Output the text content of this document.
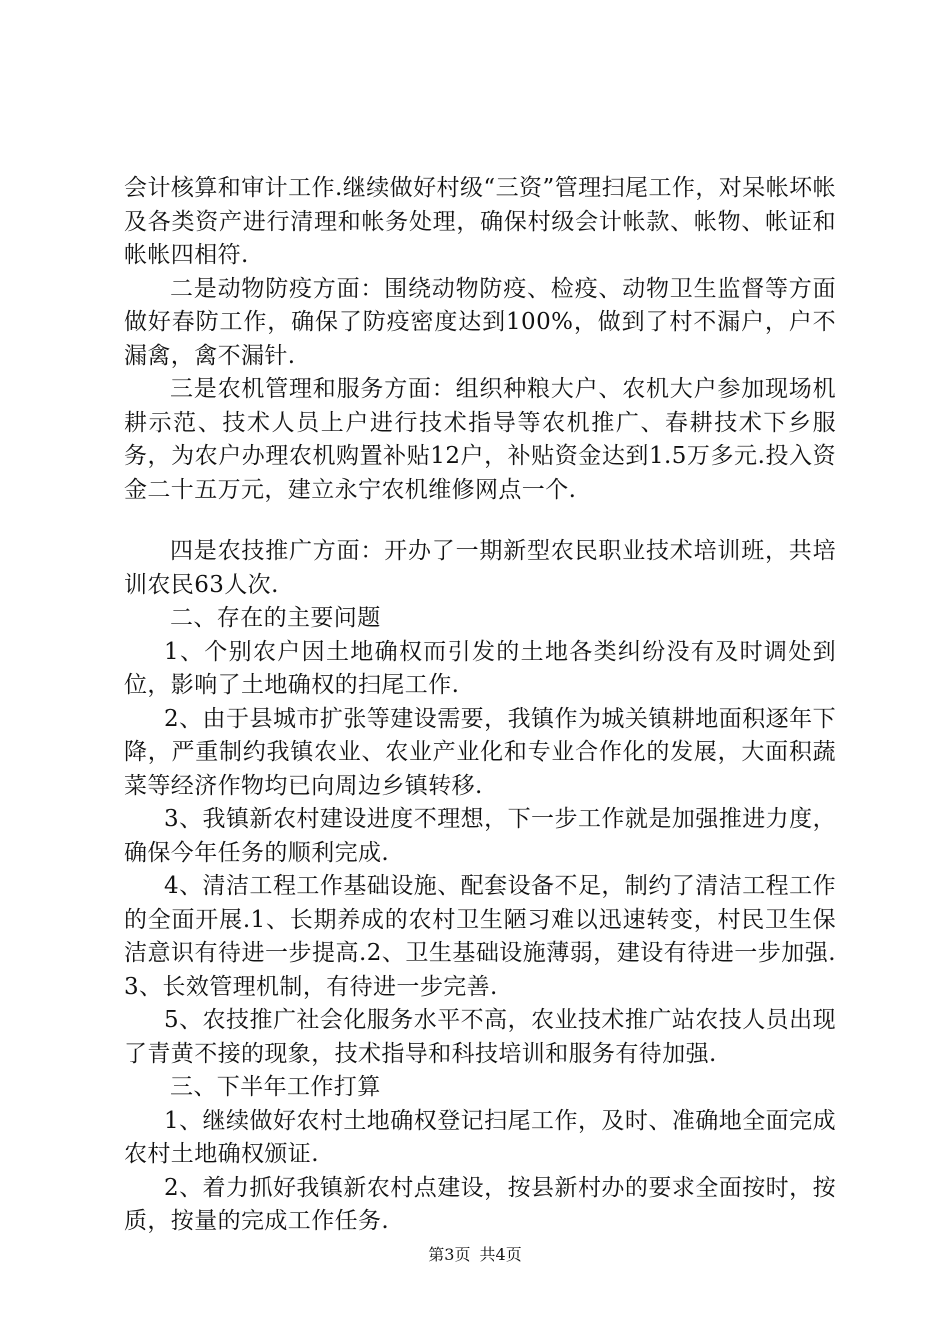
会计核算和审计工作.继续做好村级“三资”管理扫尾工作，对呆帐坏帐及各类资产进行清理和帐务处理，确保村级会计帐款、帐物、帐证和帐帐四相符.

二是动物防疫方面：围绕动物防疫、检疫、动物卫生监督等方面做好春防工作，确保了防疫密度达到100%，做到了村不漏户，户不漏禽，禽不漏针.

三是农机管理和服务方面：组织种粮大户、农机大户参加现场机耕示范、技术人员上户进行技术指导等农机推广、春耕技术下乡服务，为农户办理农机购置补贴12户，补贴资金达到1.5万多元.投入资金二十五万元，建立永宁农机维修网点一个.

四是农技推广方面：开办了一期新型农民职业技术培训班，共培训农民63人次.

二、存在的主要问题

1、个别农户因土地确权而引发的土地各类纠纷没有及时调处到位，影响了土地确权的扫尾工作.

2、由于县城市扩张等建设需要，我镇作为城关镇耕地面积逐年下降，严重制约我镇农业、农业产业化和专业合作化的发展，大面积蔬菜等经济作物均已向周边乡镇转移.

3、我镇新农村建设进度不理想，下一步工作就是加强推进力度，确保今年任务的顺利完成.

4、清洁工程工作基础设施、配套设备不足，制约了清洁工程工作的全面开展.1、长期养成的农村卫生陋习难以迅速转变，村民卫生保洁意识有待进一步提高.2、卫生基础设施薄弱，建设有待进一步加强.3、长效管理机制，有待进一步完善.

5、农技推广社会化服务水平不高，农业技术推广站农技人员出现了青黄不接的现象，技术指导和科技培训和服务有待加强.

三、下半年工作打算

1、继续做好农村土地确权登记扫尾工作，及时、准确地全面完成农村土地确权颁证.

2、着力抓好我镇新农村点建设，按县新村办的要求全面按时，按质，按量的完成工作任务.

第3页 共4页
